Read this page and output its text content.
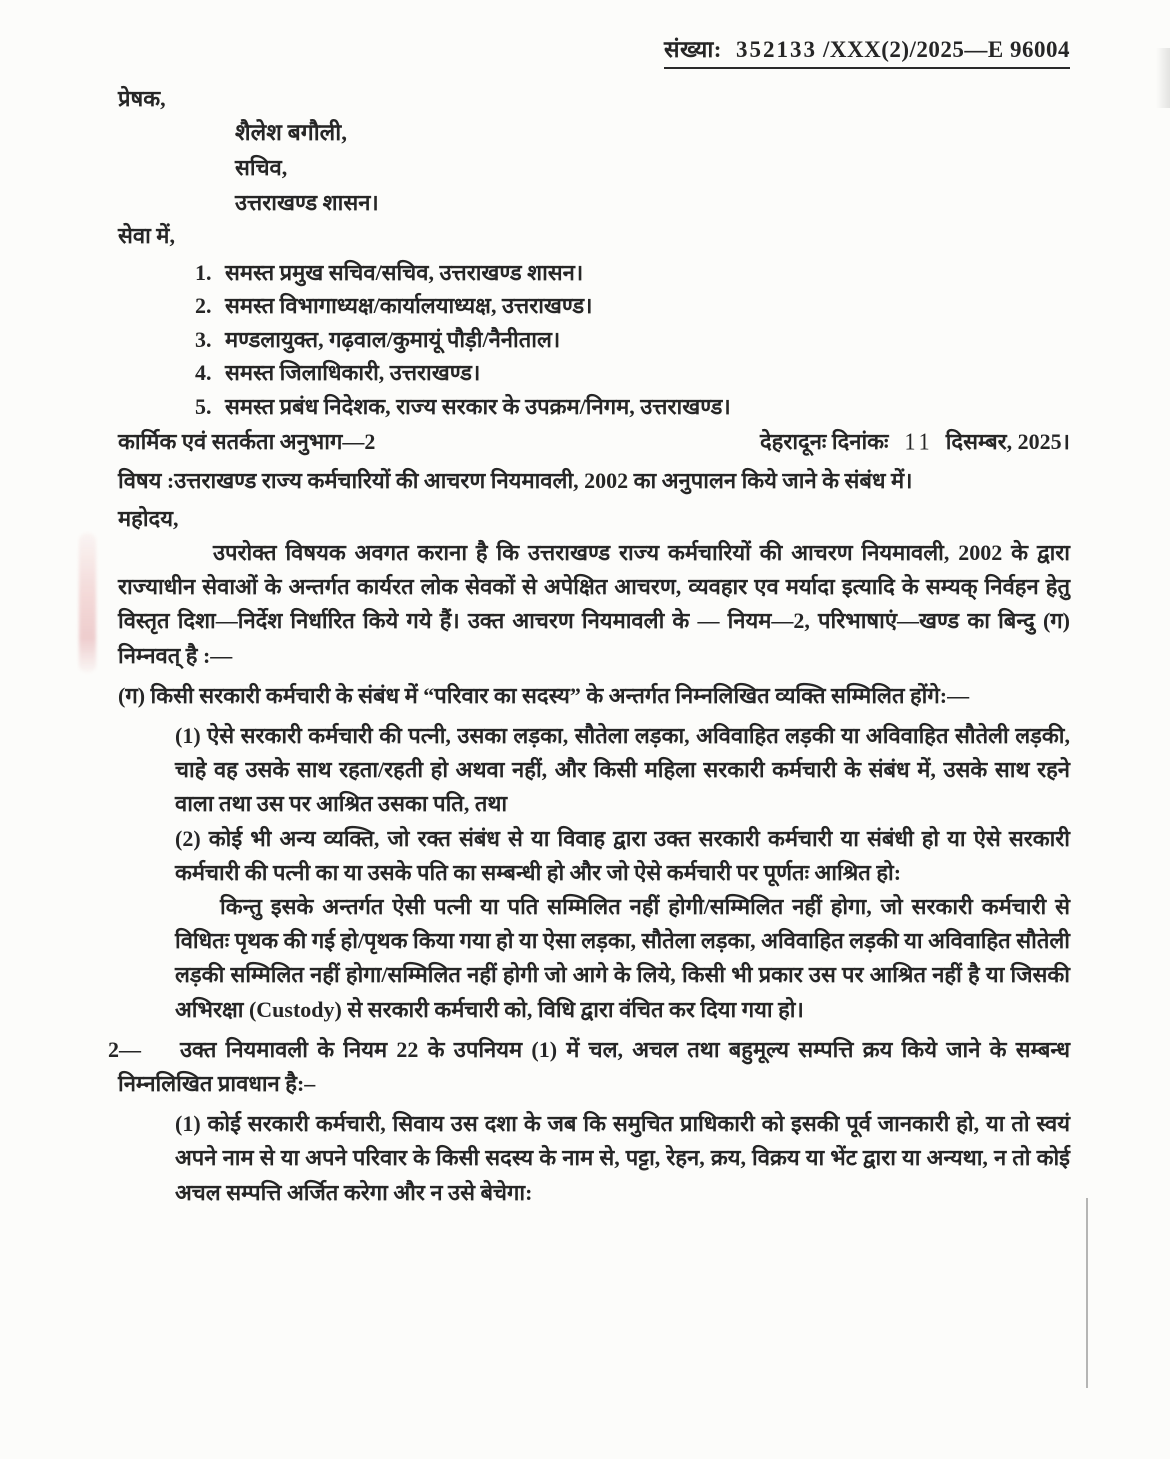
संख्या: 352133 /XXX(2)/2025—E 96004
प्रेषक,
शैलेश बगौली,
सचिव,
उत्तराखण्ड शासन।
सेवा में,
1. समस्त प्रमुख सचिव/सचिव, उत्तराखण्ड शासन।
2. समस्त विभागाध्यक्ष/कार्यालयाध्यक्ष, उत्तराखण्ड।
3. मण्डलायुक्त, गढ़वाल/कुमायूं पौड़ी/नैनीताल।
4. समस्त जिलाधिकारी, उत्तराखण्ड।
5. समस्त प्रबंध निदेशक, राज्य सरकार के उपक्रम/निगम, उत्तराखण्ड।
कार्मिक एवं सतर्कता अनुभाग—2	देहरादूनः दिनांकः 11 दिसम्बर, 2025।
विषय :उत्तराखण्ड राज्य कर्मचारियों की आचरण नियमावली, 2002 का अनुपालन किये जाने के संबंध में।
महोदय,

उपरोक्त विषयक अवगत कराना है कि उत्तराखण्ड राज्य कर्मचारियों की आचरण नियमावली, 2002 के द्वारा राज्याधीन सेवाओं के अन्तर्गत कार्यरत लोक सेवकों से अपेक्षित आचरण, व्यवहार एव मर्यादा इत्यादि के सम्यक् निर्वहन हेतु विस्तृत दिशा—निर्देश निर्धारित किये गये हैं। उक्त आचरण नियमावली के — नियम—2, परिभाषाएं—खण्ड का बिन्दु (ग) निम्नवत् है :—

(ग) किसी सरकारी कर्मचारी के संबंध में “परिवार का सदस्य” के अन्तर्गत निम्नलिखित व्यक्ति सम्मिलित होंगे:—

(1) ऐसे सरकारी कर्मचारी की पत्नी, उसका लड़का, सौतेला लड़का, अविवाहित लड़की या अविवाहित सौतेली लड़की, चाहे वह उसके साथ रहता/रहती हो अथवा नहीं, और किसी महिला सरकारी कर्मचारी के संबंध में, उसके साथ रहने वाला तथा उस पर आश्रित उसका पति, तथा

(2) कोई भी अन्य व्यक्ति, जो रक्त संबंध से या विवाह द्वारा उक्त सरकारी कर्मचारी या संबंधी हो या ऐसे सरकारी कर्मचारी की पत्नी का या उसके पति का सम्बन्धी हो और जो ऐसे कर्मचारी पर पूर्णतः आश्रित हो:

किन्तु इसके अन्तर्गत ऐसी पत्नी या पति सम्मिलित नहीं होगी/सम्मिलित नहीं होगा, जो सरकारी कर्मचारी से विधितः पृथक की गई हो/पृथक किया गया हो या ऐसा लड़का, सौतेला लड़का, अविवाहित लड़की या अविवाहित सौतेली लड़की सम्मिलित नहीं होगा/सम्मिलित नहीं होगी जो आगे के लिये, किसी भी प्रकार उस पर आश्रित नहीं है या जिसकी अभिरक्षा (Custody) से सरकारी कर्मचारी को, विधि द्वारा वंचित कर दिया गया हो।

2— उक्त नियमावली के नियम 22 के उपनियम (1) में चल, अचल तथा बहुमूल्य सम्पत्ति क्रय किये जाने के सम्बन्ध निम्नलिखित प्रावधान है:–

(1) कोई सरकारी कर्मचारी, सिवाय उस दशा के जब कि समुचित प्राधिकारी को इसकी पूर्व जानकारी हो, या तो स्वयं अपने नाम से या अपने परिवार के किसी सदस्य के नाम से, पट्टा, रेहन, क्रय, विक्रय या भेंट द्वारा या अन्यथा, न तो कोई अचल सम्पत्ति अर्जित करेगा और न उसे बेचेगा:
